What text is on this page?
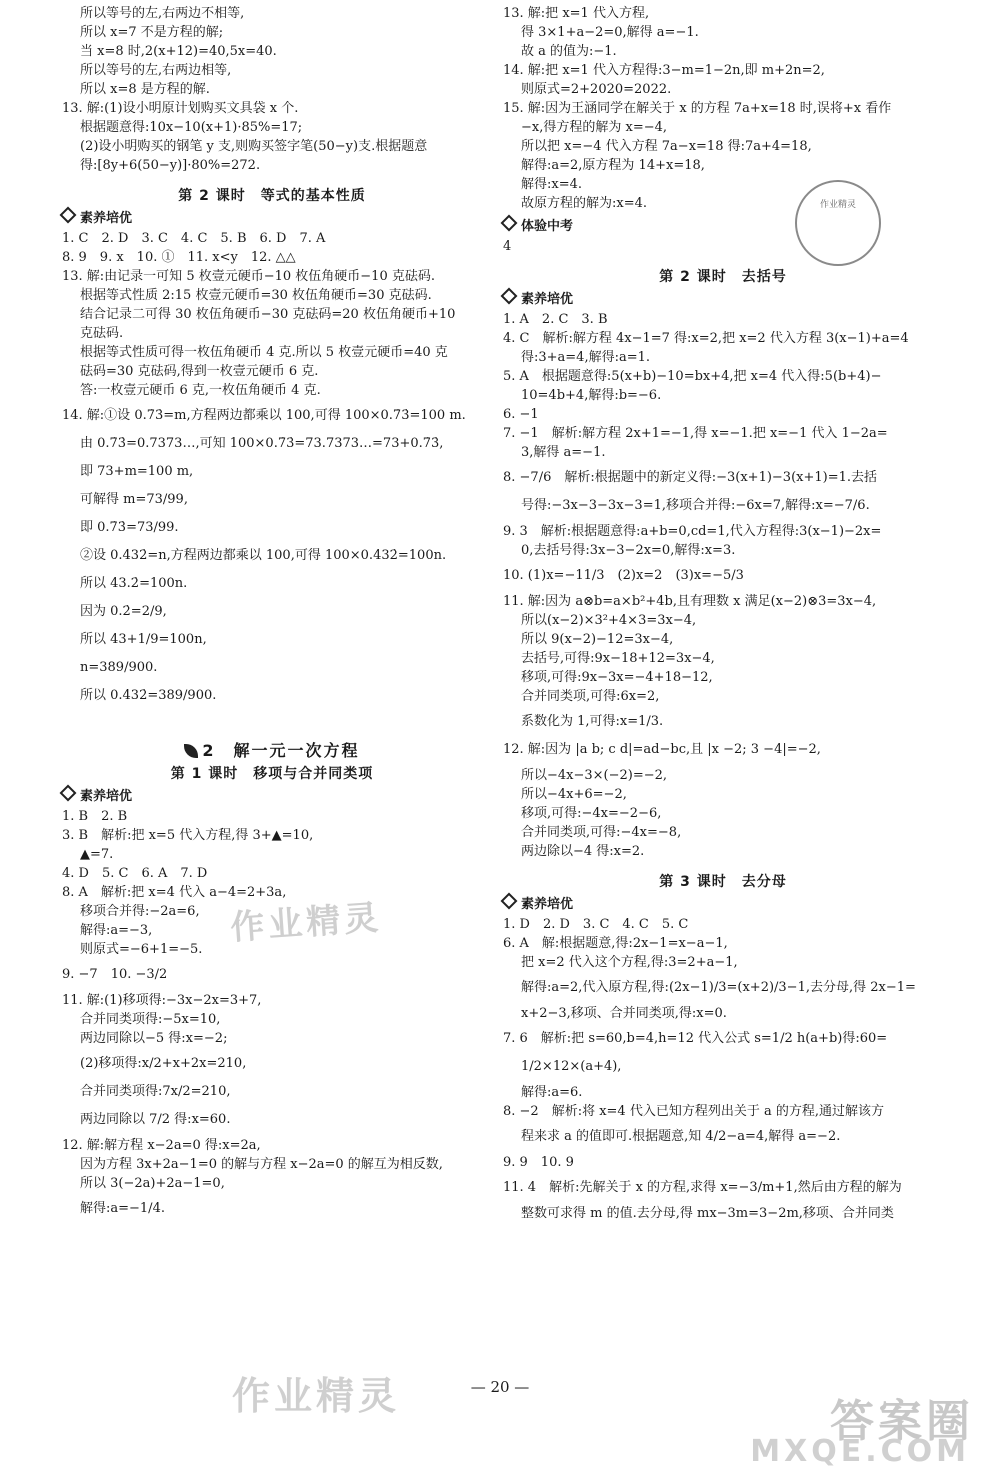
所以等号的左,右两边不相等,
所以 x=7 不是方程的解;
当 x=8 时,2(x+12)=40,5x=40.
所以等号的左,右两边相等,
所以 x=8 是方程的解.
13. 解:(1)设小明原计划购买文具袋 x 个.
根据题意得:10x−10(x+1)·85%=17;
(2)设小明购买的钢笔 y 支,则购买签字笔(50−y)支.根据题意
得:[8y+6(50−y)]·80%=272.
第 2 课时　等式的基本性质
素养培优
1. C　2. D　3. C　4. C　5. B　6. D　7. A
8. 9　9. x　10. ①　11. x<y　12. △△
13. 解:由记录一可知 5 枚壹元硬币−10 枚伍角硬币−10 克砝码.
根据等式性质 2:15 枚壹元硬币=30 枚伍角硬币=30 克砝码.
结合记录二可得 30 枚伍角硬币−30 克砝码=20 枚伍角硬币+10
克砝码.
根据等式性质可得一枚伍角硬币 4 克.所以 5 枚壹元硬币=40 克
砝码=30 克砝码,得到一枚壹元硬币 6 克.
答:一枚壹元硬币 6 克,一枚伍角硬币 4 克.
14. 解:①设 0.7̇3̇=m,方程两边都乘以 100,可得 100×0.7̇3̇=100 m.
由 0.7̇3̇=0.7373…,可知 100×0.7̇3̇=73.7373…=73+0.7̇3̇,
即 73+m=100 m,
可解得 m=73/99,
即 0.7̇3̇=73/99.
②设 0.432̇=n,方程两边都乘以 100,可得 100×0.432̇=100n.
所以 43.2̇=100n.
因为 0.2̇=2/9,
所以 43+1/9=100n,
n=389/900.
所以 0.432̇=389/900.
2　解一元一次方程
第 1 课时　移项与合并同类项
素养培优
1. B　2. B
3. B　解析:把 x=5 代入方程,得 3+▲=10,
▲=7.
4. D　5. C　6. A　7. D
8. A　解析:把 x=4 代入 a−4=2+3a,
移项合并得:−2a=6,
解得:a=−3,
则原式=−6+1=−5.
9. −7　10. −3/2
11. 解:(1)移项得:−3x−2x=3+7,
合并同类项得:−5x=10,
两边同除以−5 得:x=−2;
(2)移项得:x/2+x+2x=210,
合并同类项得:7x/2=210,
两边同除以 7/2 得:x=60.
12. 解:解方程 x−2a=0 得:x=2a,
因为方程 3x+2a−1=0 的解与方程 x−2a=0 的解互为相反数,
所以 3(−2a)+2a−1=0,
解得:a=−1/4.
13. 解:把 x=1 代入方程,
得 3×1+a−2=0,解得 a=−1.
故 a 的值为:−1.
14. 解:把 x=1 代入方程得:3−m=1−2n,即 m+2n=2,
则原式=2+2020=2022.
15. 解:因为王涵同学在解关于 x 的方程 7a+x=18 时,误将+x 看作
−x,得方程的解为 x=−4,
所以把 x=−4 代入方程 7a−x=18 得:7a+4=18,
解得:a=2,原方程为 14+x=18,
解得:x=4.
故原方程的解为:x=4.
体验中考
4
第 2 课时　去括号
素养培优
1. A　2. C　3. B
4. C　解析:解方程 4x−1=7 得:x=2,把 x=2 代入方程 3(x−1)+a=4
得:3+a=4,解得:a=1.
5. A　根据题意得:5(x+b)−10=bx+4,把 x=4 代入得:5(b+4)−
10=4b+4,解得:b=−6.
6. −1
7. −1　解析:解方程 2x+1=−1,得 x=−1.把 x=−1 代入 1−2a=
3,解得 a=−1.
8. −7/6　解析:根据题中的新定义得:−3(x+1)−3(x+1)=1.去括
号得:−3x−3−3x−3=1,移项合并得:−6x=7,解得:x=−7/6.
9. 3　解析:根据题意得:a+b=0,cd=1,代入方程得:3(x−1)−2x=
0,去括号得:3x−3−2x=0,解得:x=3.
10. (1)x=−11/3　(2)x=2　(3)x=−5/3
11. 解:因为 a⊗b=a×b²+4b,且有理数 x 满足(x−2)⊗3=3x−4,
所以(x−2)×3²+4×3=3x−4,
所以 9(x−2)−12=3x−4,
去括号,可得:9x−18+12=3x−4,
移项,可得:9x−3x=−4+18−12,
合并同类项,可得:6x=2,
系数化为 1,可得:x=1/3.
12. 解:因为 |a b; c d|=ad−bc,且 |x −2; 3 −4|=−2,
所以−4x−3×(−2)=−2,
所以−4x+6=−2,
移项,可得:−4x=−2−6,
合并同类项,可得:−4x=−8,
两边除以−4 得:x=2.
第 3 课时　去分母
素养培优
1. D　2. D　3. C　4. C　5. C
6. A　解:根据题意,得:2x−1=x−a−1,
把 x=2 代入这个方程,得:3=2+a−1,
解得:a=2,代入原方程,得:(2x−1)/3=(x+2)/3−1,去分母,得 2x−1=
x+2−3,移项、合并同类项,得:x=0.
7. 6　解析:把 s=60,b=4,h=12 代入公式 s=1/2 h(a+b)得:60=
1/2×12×(a+4),
解得:a=6.
8. −2　解析:将 x=4 代入已知方程列出关于 a 的方程,通过解该方
程来求 a 的值即可.根据题意,知 4/2−a=4,解得 a=−2.
9. 9　10. 9
11. 4　解析:先解关于 x 的方程,求得 x=−3/m+1,然后由方程的解为
整数可求得 m 的值.去分母,得 mx−3m=3−2m,移项、合并同类
作业精灵
作业精灵
作业精灵	答案圈
MXQE.COM
— 20 —
